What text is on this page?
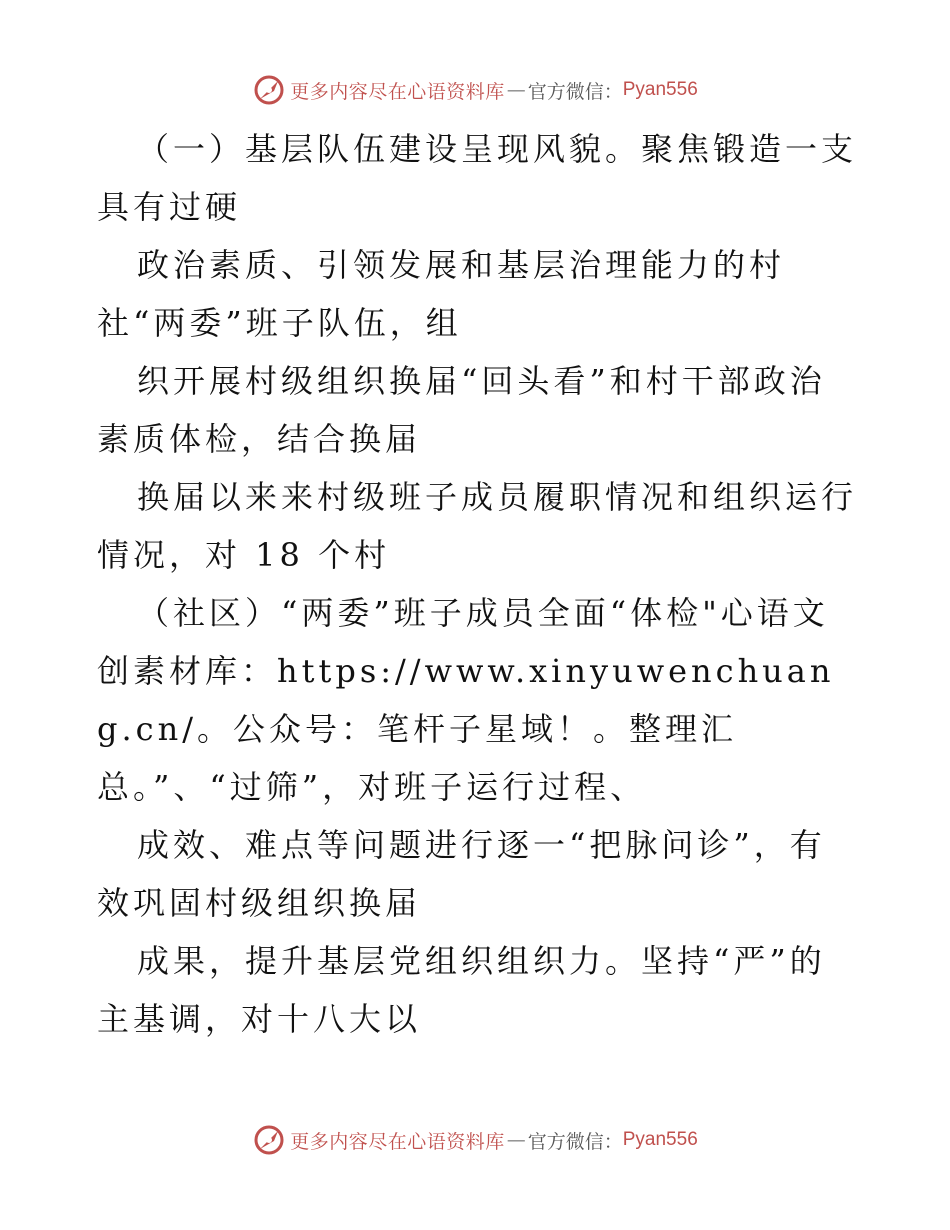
更多内容尽在心语资料库 — 官方微信： Pyan556

（一）基层队伍建设呈现风貌。聚焦锻造一支具有过硬

政治素质、引领发展和基层治理能力的村社“两委”班子队伍，组

织开展村级组织换届“回头看”和村干部政治素质体检，结合换届

换届以来来村级班子成员履职情况和组织运行情况，对 18 个村

（社区）“两委”班子成员全面“体检"心语文创素材库：https://www.xinyuwenchuang.cn/。公众号：笔杆子星域！。整理汇总。”、“过筛”，对班子运行过程、

成效、难点等问题进行逐一“把脉问诊”，有效巩固村级组织换届

成果，提升基层党组织组织力。坚持“严”的主基调，对十八大以

更多内容尽在心语资料库 — 官方微信： Pyan556
